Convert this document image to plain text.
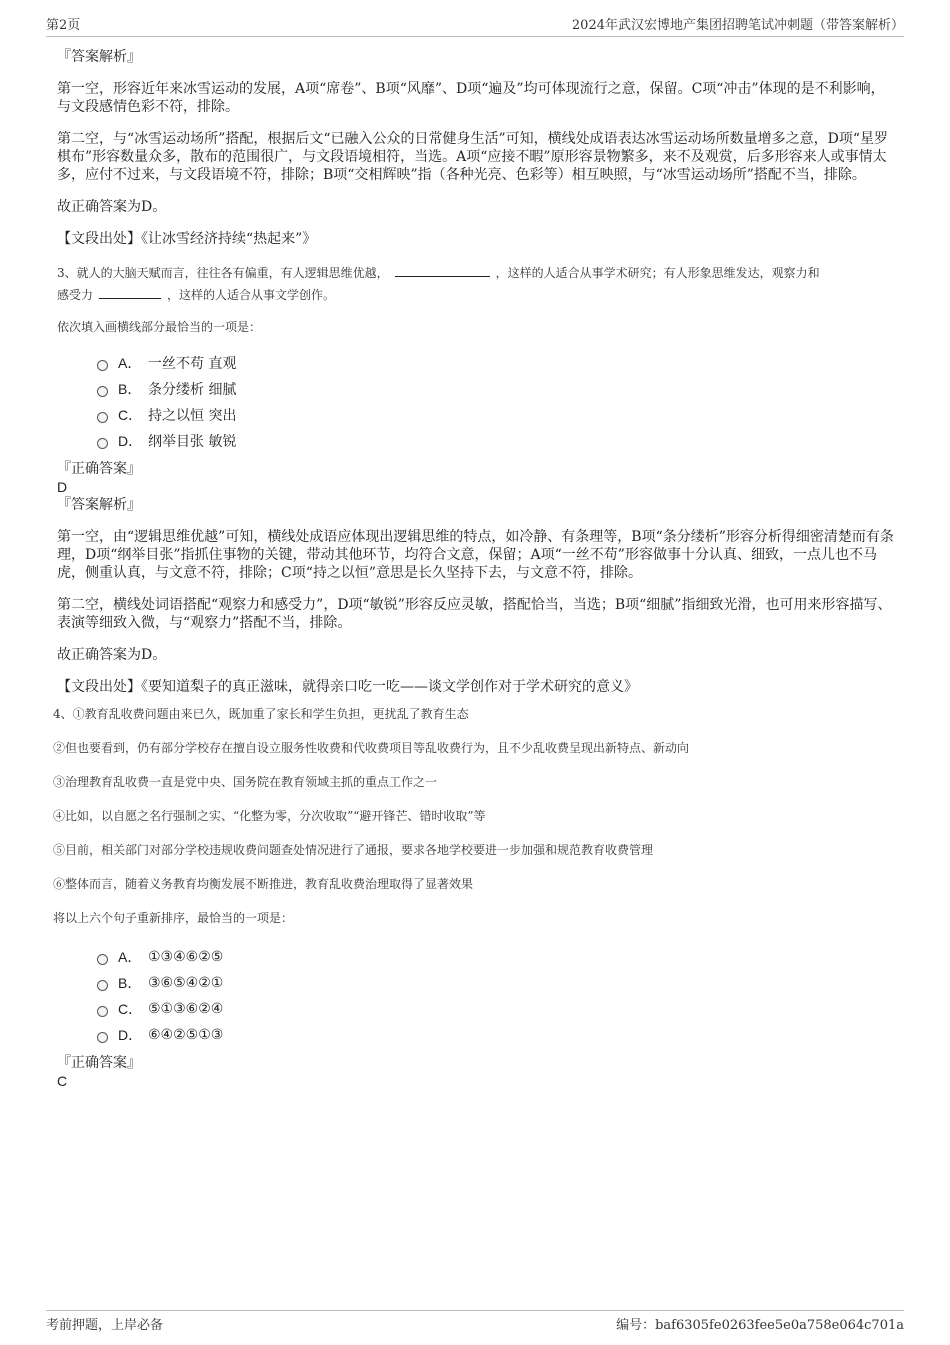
第2页	2024年武汉宏博地产集团招聘笔试冲刺题（带答案解析）

『答案解析』

第一空，形容近年来冰雪运动的发展，A项“席卷”、B项“风靡”、D项“遍及”均可体现流行之意，保留。C项“冲击”体现的是不利影响，与文段感情色彩不符，排除。

第二空，与“冰雪运动场所”搭配，根据后文“已融入公众的日常健身生活”可知，横线处成语表达冰雪运动场所数量增多之意，D项“星罗棋布”形容数量众多，散布的范围很广，与文段语境相符，当选。A项“应接不暇”原形容景物繁多，来不及观赏，后多形容来人或事情太多，应付不过来，与文段语境不符，排除；B项“交相辉映”指（各种光亮、色彩等）相互映照，与“冰雪运动场所”搭配不当，排除。

故正确答案为D。

【文段出处】《让冰雪经济持续“热起来”》

3、就人的大脑天赋而言，往往各有偏重，有人逻辑思维优越，	，这样的人适合从事学术研究；有人形象思维发达，观察力和
感受力	，这样的人适合从事文学创作。

依次填入画横线部分最恰当的一项是：

A． 一丝不苟 直观
B． 条分缕析 细腻
C． 持之以恒 突出
D． 纲举目张 敏锐

『正确答案』

D

『答案解析』

第一空，由“逻辑思维优越”可知，横线处成语应体现出逻辑思维的特点，如冷静、有条理等，B项“条分缕析”形容分析得细密清楚而有条理，D项“纲举目张”指抓住事物的关键，带动其他环节，均符合文意，保留；A项“一丝不苟”形容做事十分认真、细致，一点儿也不马虎，侧重认真，与文意不符，排除；C项“持之以恒”意思是长久坚持下去，与文意不符，排除。

第二空，横线处词语搭配“观察力和感受力”，D项“敏锐”形容反应灵敏，搭配恰当，当选；B项“细腻”指细致光滑，也可用来形容描写、表演等细致入微，与“观察力”搭配不当，排除。

故正确答案为D。

【文段出处】《要知道梨子的真正滋味，就得亲口吃一吃——谈文学创作对于学术研究的意义》

4、①教育乱收费问题由来已久，既加重了家长和学生负担，更扰乱了教育生态

②但也要看到，仍有部分学校存在擅自设立服务性收费和代收费项目等乱收费行为，且不少乱收费呈现出新特点、新动向

③治理教育乱收费一直是党中央、国务院在教育领域主抓的重点工作之一

④比如，以自愿之名行强制之实、“化整为零，分次收取”“避开锋芒、错时收取”等

⑤目前，相关部门对部分学校违规收费问题查处情况进行了通报，要求各地学校要进一步加强和规范教育收费管理

⑥整体而言，随着义务教育均衡发展不断推进，教育乱收费治理取得了显著效果

将以上六个句子重新排序，最恰当的一项是：

A． ①③④⑥②⑤
B． ③⑥⑤④②①
C． ⑤①③⑥②④
D． ⑥④②⑤①③

『正确答案』

C

考前押题，上岸必备	编号：baf6305fe0263fee5e0a758e064c701a
